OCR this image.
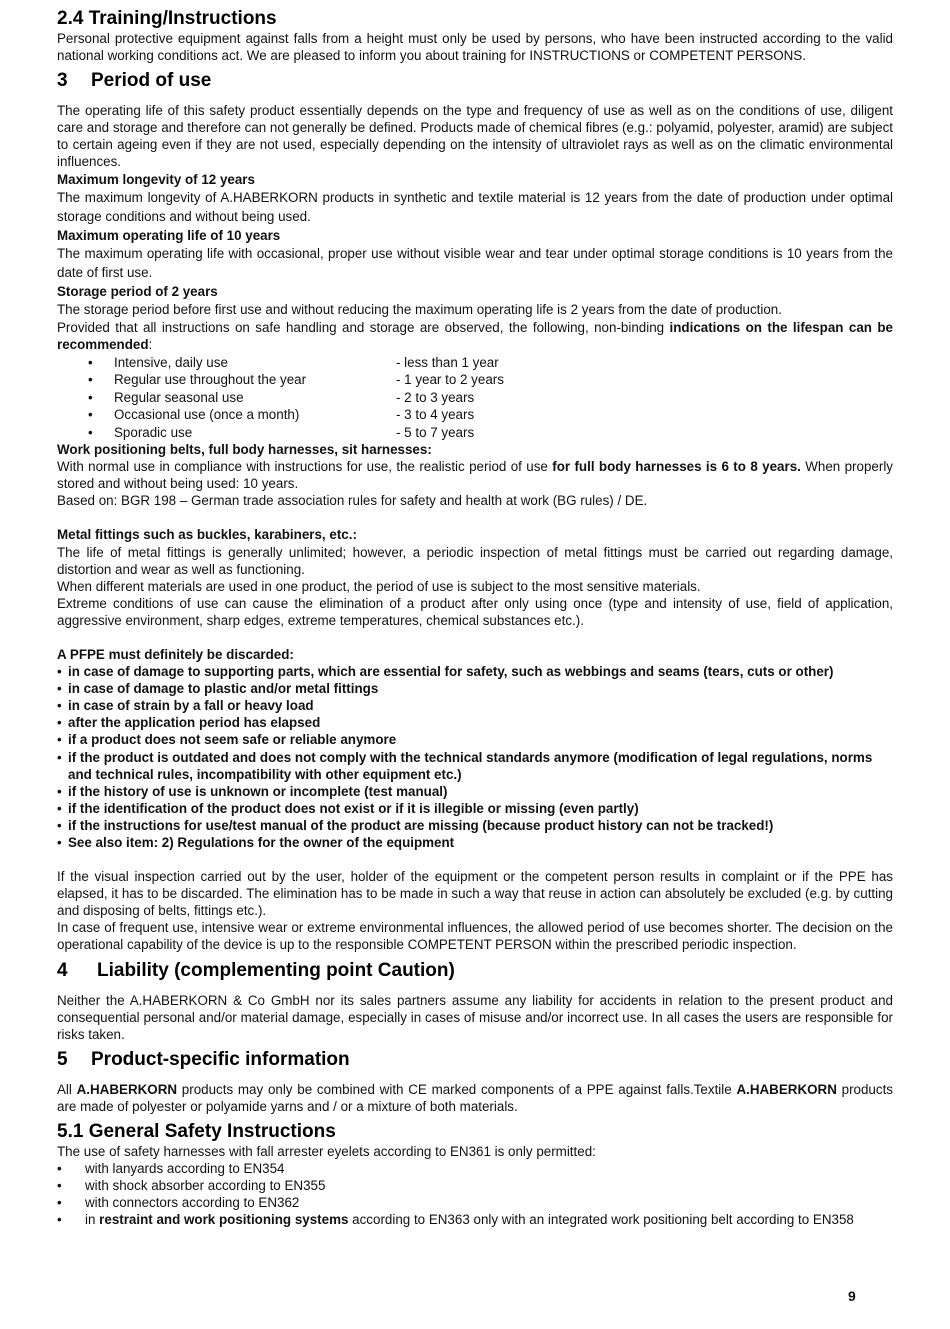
2.4 Training/Instructions

Personal protective equipment against falls from a height must only be used by persons, who have been instructed according to the valid national working conditions act. We are pleased to inform you about training for INSTRUCTIONS or COMPETENT PERSONS.

3 Period of use

The operating life of this safety product essentially depends on the type and frequency of use as well as on the conditions of use, diligent care and storage and therefore can not generally be defined. Products made of chemical fibres (e.g.: polyamid, polyester, aramid) are subject to certain ageing even if they are not used, especially depending on the intensity of ultraviolet rays as well as on the climatic environmental influences.

Maximum longevity of 12 years

The maximum longevity of A.HABERKORN products in synthetic and textile material is 12 years from the date of production under optimal storage conditions and without being used.

Maximum operating life of 10 years

The maximum operating life with occasional, proper use without visible wear and tear under optimal storage conditions is 10 years from the date of first use.

Storage period of 2 years

The storage period before first use and without reducing the maximum operating life is 2 years from the date of production.

Provided that all instructions on safe handling and storage are observed, the following, non-binding indications on the lifespan can be recommended:

• Intensive, daily use	- less than 1 year
• Regular use throughout the year	- 1 year to 2 years
• Regular seasonal use	- 2 to 3 years
• Occasional use (once a month)	- 3 to 4 years
• Sporadic use	- 5 to 7 years
Work positioning belts, full body harnesses, sit harnesses:

With normal use in compliance with instructions for use, the realistic period of use for full body harnesses is 6 to 8 years. When properly stored and without being used: 10 years.

Based on: BGR 198 – German trade association rules for safety and health at work (BG rules) / DE.

Metal fittings such as buckles, karabiners, etc.:

The life of metal fittings is generally unlimited; however, a periodic inspection of metal fittings must be carried out regarding damage, distortion and wear as well as functioning.

When different materials are used in one product, the period of use is subject to the most sensitive materials.

Extreme conditions of use can cause the elimination of a product after only using once (type and intensity of use, field of application, aggressive environment, sharp edges, extreme temperatures, chemical substances etc.).

A PFPE must definitely be discarded:
• in case of damage to supporting parts, which are essential for safety, such as webbings and seams (tears, cuts or other)
• in case of damage to plastic and/or metal fittings
• in case of strain by a fall or heavy load
• after the application period has elapsed
• if a product does not seem safe or reliable anymore
• if the product is outdated and does not comply with the technical standards anymore (modification of legal regulations, norms and technical rules, incompatibility with other equipment etc.)
• if the history of use is unknown or incomplete (test manual)
• if the identification of the product does not exist or if it is illegible or missing (even partly)
• if the instructions for use/test manual of the product are missing (because product history can not be tracked!)
• See also item: 2) Regulations for the owner of the equipment

If the visual inspection carried out by the user, holder of the equipment or the competent person results in complaint or if the PPE has elapsed, it has to be discarded. The elimination has to be made in such a way that reuse in action can absolutely be excluded (e.g. by cutting and disposing of belts, fittings etc.).

In case of frequent use, intensive wear or extreme environmental influences, the allowed period of use becomes shorter. The decision on the operational capability of the device is up to the responsible COMPETENT PERSON within the prescribed periodic inspection.

4 Liability (complementing point Caution)

Neither the A.HABERKORN & Co GmbH nor its sales partners assume any liability for accidents in relation to the present product and consequential personal and/or material damage, especially in cases of misuse and/or incorrect use. In all cases the users are responsible for risks taken.

5 Product-specific information

All A.HABERKORN products may only be combined with CE marked components of a PPE against falls.Textile A.HABERKORN products are made of polyester or polyamide yarns and / or a mixture of both materials.

5.1 General Safety Instructions

The use of safety harnesses with fall arrester eyelets according to EN361 is only permitted:

• with lanyards according to EN354
• with shock absorber according to EN355
• with connectors according to EN362
• in restraint and work positioning systems according to EN363 only with an integrated work positioning belt according to EN358
9
